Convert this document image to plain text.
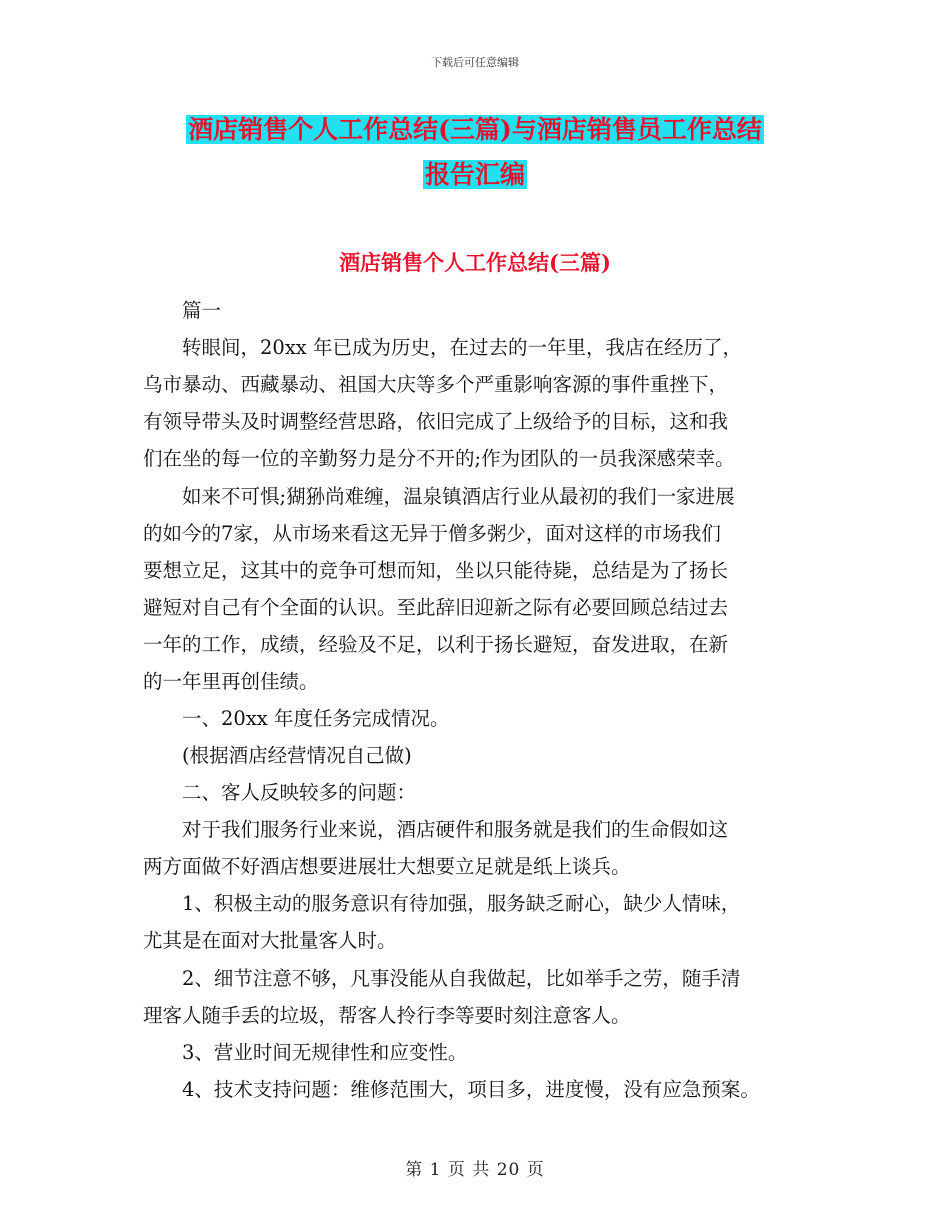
下载后可任意编辑
酒店销售个人工作总结(三篇)与酒店销售员工作总结
报告汇编
酒店销售个人工作总结(三篇)
　　篇一
　　转眼间，20xx 年已成为历史，在过去的一年里，我店在经历了，
乌市暴动、西藏暴动、祖国大庆等多个严重影响客源的事件重挫下，
有领导带头及时调整经营思路，依旧完成了上级给予的目标，这和我
们在坐的每一位的辛勤努力是分不开的;作为团队的一员我深感荣幸。
　　如来不可惧;猢狲尚难缠，温泉镇酒店行业从最初的我们一家进展
的如今的7家，从市场来看这无异于僧多粥少，面对这样的市场我们
要想立足，这其中的竞争可想而知，坐以只能待毙，总结是为了扬长
避短对自己有个全面的认识。至此辞旧迎新之际有必要回顾总结过去
一年的工作，成绩，经验及不足，以利于扬长避短，奋发进取，在新
的一年里再创佳绩。
　　一、20xx 年度任务完成情况。
　　(根据酒店经营情况自己做)
　　二、客人反映较多的问题：
　　对于我们服务行业来说，酒店硬件和服务就是我们的生命假如这
两方面做不好酒店想要进展壮大想要立足就是纸上谈兵。
　　1、积极主动的服务意识有待加强，服务缺乏耐心，缺少人情味，
尤其是在面对大批量客人时。
　　2、细节注意不够，凡事没能从自我做起，比如举手之劳，随手清
理客人随手丢的垃圾，帮客人拎行李等要时刻注意客人。
　　3、营业时间无规律性和应变性。
　　4、技术支持问题：维修范围大，项目多，进度慢，没有应急预案。
第 1 页 共 20 页
